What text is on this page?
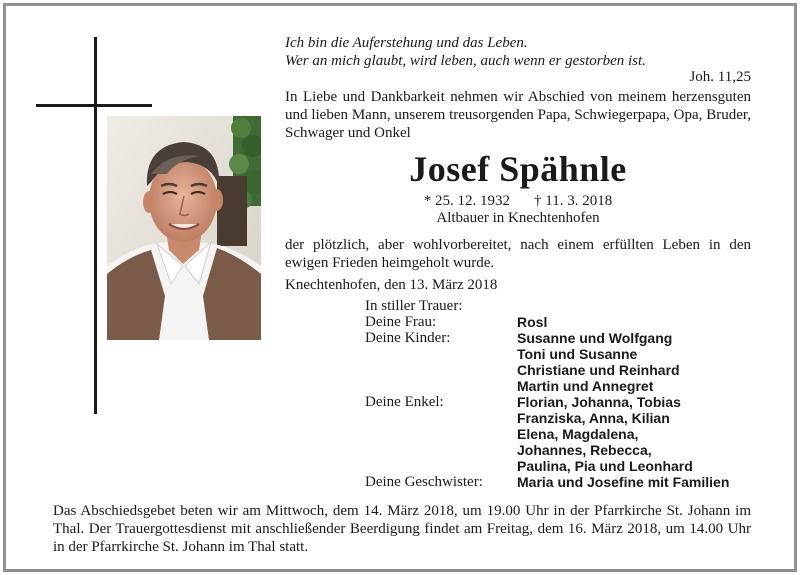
Ich bin die Auferstehung und das Leben.
Wer an mich glaubt, wird leben, auch wenn er gestorben ist.
Joh. 11,25
In Liebe und Dankbarkeit nehmen wir Abschied von meinem herzensguten und lieben Mann, unserem treusorgenden Papa, Schwiegerpapa, Opa, Bruder, Schwager und Onkel
Josef Spähnle
* 25. 12. 1932 † 11. 3. 2018
Altbauer in Knechtenhofen
der plötzlich, aber wohlvorbereitet, nach einem erfüllten Leben in den ewigen Frieden heimgeholt wurde.
Knechtenhofen, den 13. März 2018
In stiller Trauer:
Deine Frau:	Rosl
Deine Kinder:	Susanne und Wolfgang
Toni und Susanne
Christiane und Reinhard
Martin und Annegret
Deine Enkel:	Florian, Johanna, Tobias
Franziska, Anna, Kilian
Elena, Magdalena,
Johannes, Rebecca,
Paulina, Pia und Leonhard
Deine Geschwister:	Maria und Josefine mit Familien
Das Abschiedsgebet beten wir am Mittwoch, dem 14. März 2018, um 19.00 Uhr in der Pfarrkirche St. Johann im Thal. Der Trauergottesdienst mit anschließender Beerdigung findet am Freitag, dem 16. März 2018, um 14.00 Uhr in der Pfarrkirche St. Johann im Thal statt.
